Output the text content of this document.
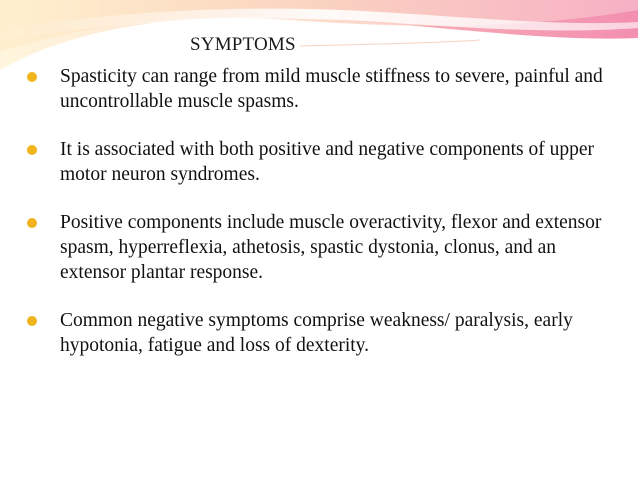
SYMPTOMS
Spasticity can range from mild muscle stiffness to severe, painful and uncontrollable muscle spasms.
It is associated with both positive and negative components of upper motor neuron syndromes.
Positive components include muscle overactivity, flexor and extensor spasm, hyperreflexia, athetosis, spastic dystonia, clonus, and an extensor plantar response.
Common negative symptoms comprise weakness/ paralysis, early hypotonia, fatigue and loss of dexterity.
